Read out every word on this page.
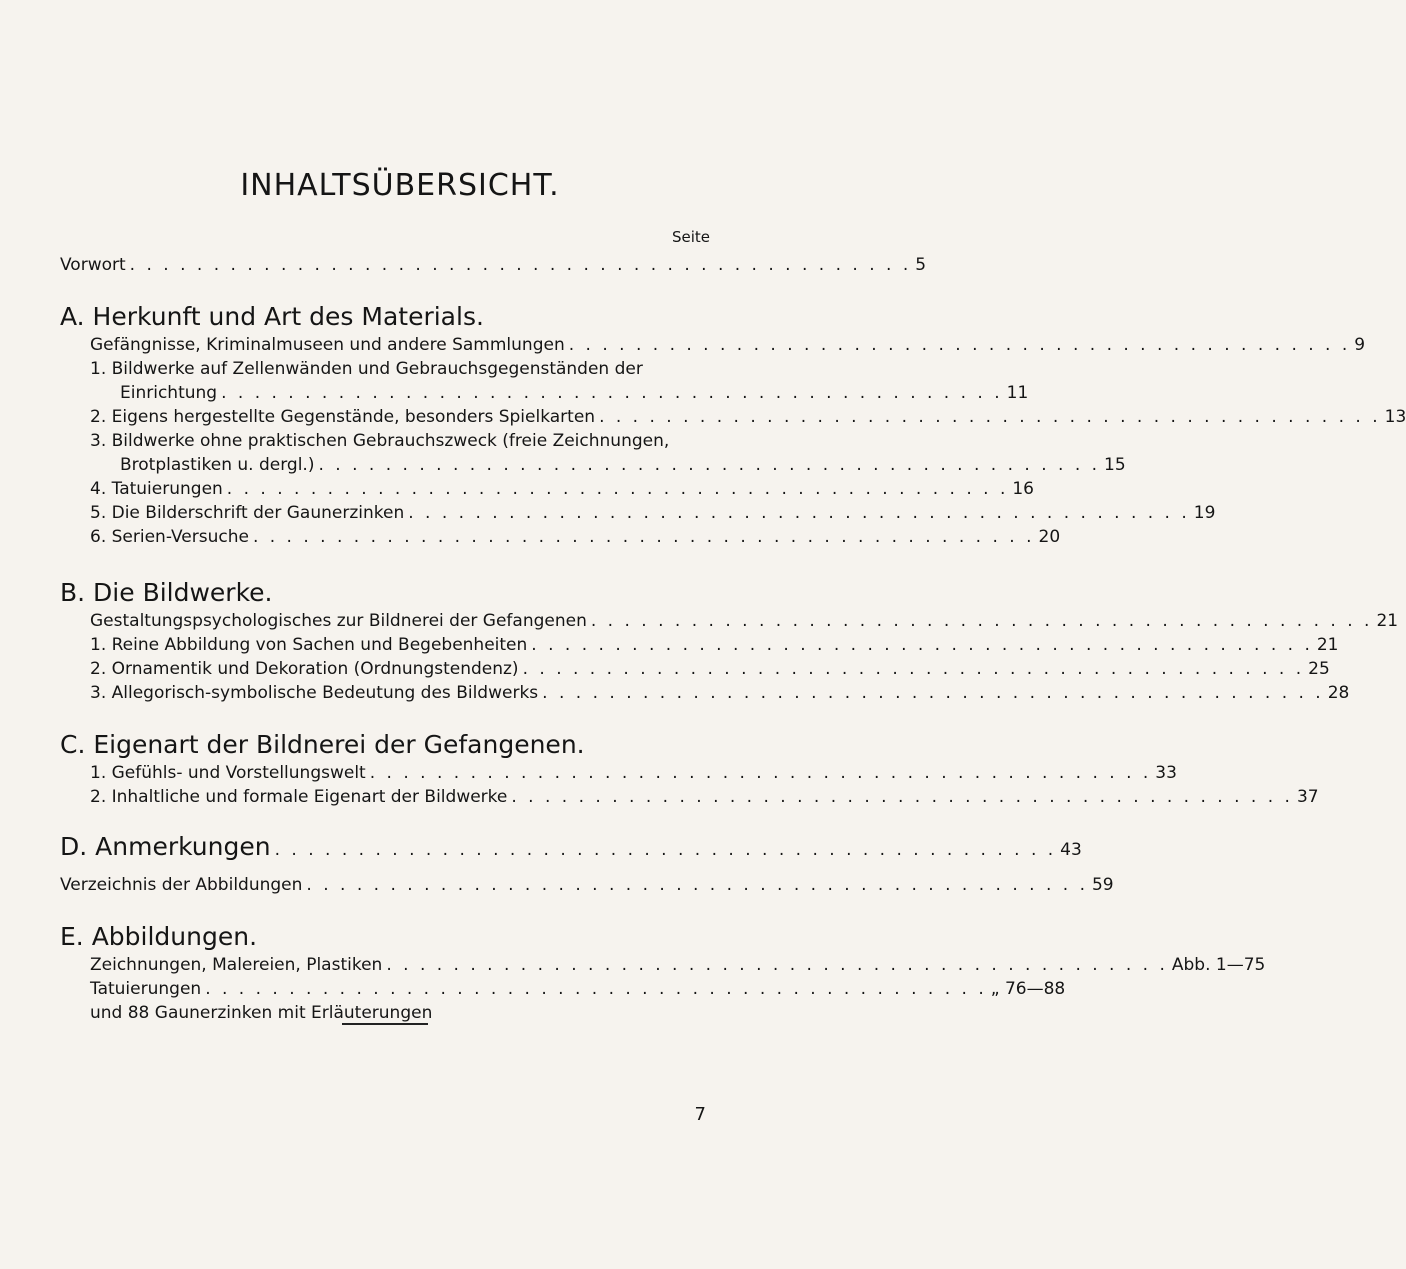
INHALTSÜBERSICHT.
Seite
Vorwort . . . . . . . . . . . . . . . . . . . . . . . . . . . . . . . . . . . . . . . . . . . . . . . 5
A. Herkunft und Art des Materials.
Gefängnisse, Kriminalmuseen und andere Sammlungen . . . . . . . . . . . . . . . . . . . . . . . . . . . . . . . . . . . . . . . . . . . . . . . 9
1. Bildwerke auf Zellenwänden und Gebrauchsgegenständen der
Einrichtung . . . . . . . . . . . . . . . . . . . . . . . . . . . . . . . . . . . . . . . . . . . . . . . 11
2. Eigens hergestellte Gegenstände, besonders Spielkarten . . . . . . . . . . . . . . . . . . . . . . . . . . . . . . . . . . . . . . . . . . . . . . . 13
3. Bildwerke ohne praktischen Gebrauchszweck (freie Zeichnungen,
Brotplastiken u. dergl.) . . . . . . . . . . . . . . . . . . . . . . . . . . . . . . . . . . . . . . . . . . . . . . . 15
4. Tatuierungen . . . . . . . . . . . . . . . . . . . . . . . . . . . . . . . . . . . . . . . . . . . . . . . 16
5. Die Bilderschrift der Gaunerzinken . . . . . . . . . . . . . . . . . . . . . . . . . . . . . . . . . . . . . . . . . . . . . . . 19
6. Serien-Versuche . . . . . . . . . . . . . . . . . . . . . . . . . . . . . . . . . . . . . . . . . . . . . . . 20
B. Die Bildwerke.
Gestaltungspsychologisches zur Bildnerei der Gefangenen . . . . . . . . . . . . . . . . . . . . . . . . . . . . . . . . . . . . . . . . . . . . . . . 21
1. Reine Abbildung von Sachen und Begebenheiten . . . . . . . . . . . . . . . . . . . . . . . . . . . . . . . . . . . . . . . . . . . . . . . 21
2. Ornamentik und Dekoration (Ordnungstendenz) . . . . . . . . . . . . . . . . . . . . . . . . . . . . . . . . . . . . . . . . . . . . . . . 25
3. Allegorisch-symbolische Bedeutung des Bildwerks . . . . . . . . . . . . . . . . . . . . . . . . . . . . . . . . . . . . . . . . . . . . . . . 28
C. Eigenart der Bildnerei der Gefangenen.
1. Gefühls- und Vorstellungswelt . . . . . . . . . . . . . . . . . . . . . . . . . . . . . . . . . . . . . . . . . . . . . . . 33
2. Inhaltliche und formale Eigenart der Bildwerke . . . . . . . . . . . . . . . . . . . . . . . . . . . . . . . . . . . . . . . . . . . . . . . 37
D. Anmerkungen . . . . . . . . . . . . . . . . . . . . . . . . . . . . . . . . . . . . . . . . . . . . . . . 43
Verzeichnis der Abbildungen . . . . . . . . . . . . . . . . . . . . . . . . . . . . . . . . . . . . . . . . . . . . . . . 59
E. Abbildungen.
Zeichnungen, Malereien, Plastiken . . . . . . . . . . . . . . . . . . . . . . . . . . . . . . . . . . . . . . . . . . . . . . . Abb. 1—75
Tatuierungen . . . . . . . . . . . . . . . . . . . . . . . . . . . . . . . . . . . . . . . . . . . . . . . „ 76—88
und 88 Gaunerzinken mit Erläuterungen
7
